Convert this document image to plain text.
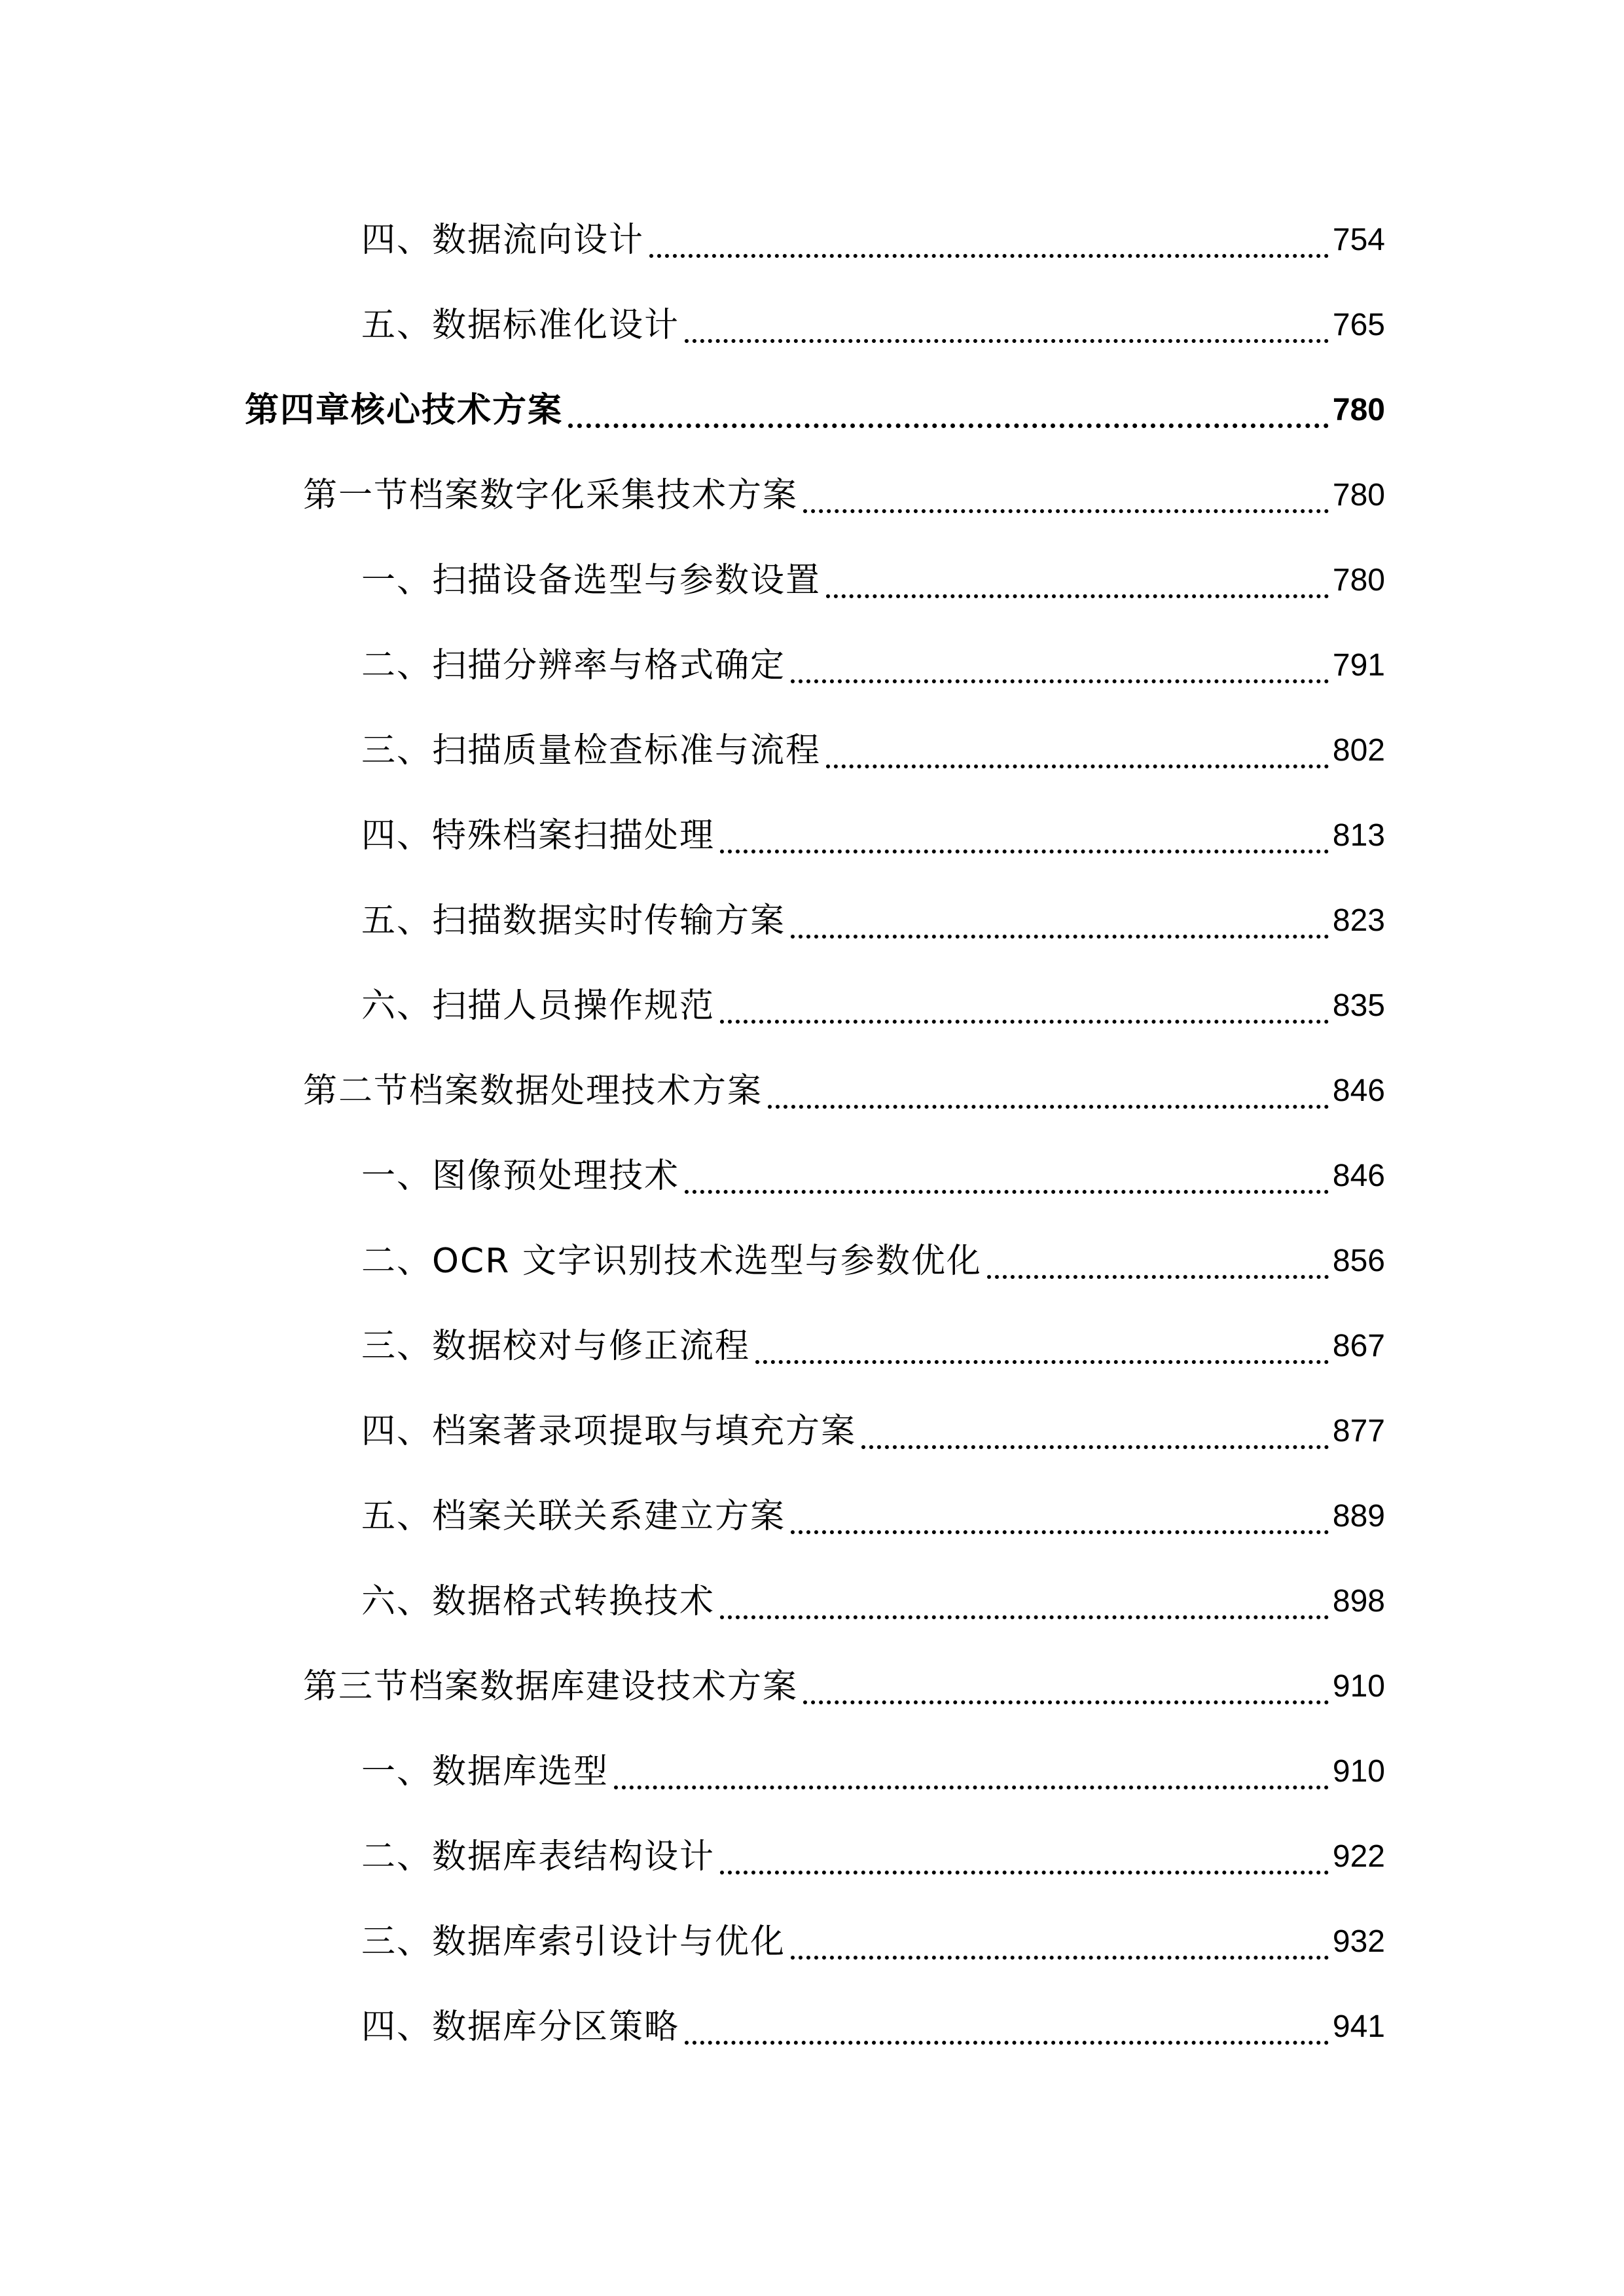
四、数据流向设计	754
五、数据标准化设计	765
第四章核心技术方案	780
第一节档案数字化采集技术方案	780
一、扫描设备选型与参数设置	780
二、扫描分辨率与格式确定	791
三、扫描质量检查标准与流程	802
四、特殊档案扫描处理	813
五、扫描数据实时传输方案	823
六、扫描人员操作规范	835
第二节档案数据处理技术方案	846
一、图像预处理技术	846
二、OCR 文字识别技术选型与参数优化	856
三、数据校对与修正流程	867
四、档案著录项提取与填充方案	877
五、档案关联关系建立方案	889
六、数据格式转换技术	898
第三节档案数据库建设技术方案	910
一、数据库选型	910
二、数据库表结构设计	922
三、数据库索引设计与优化	932
四、数据库分区策略	941
